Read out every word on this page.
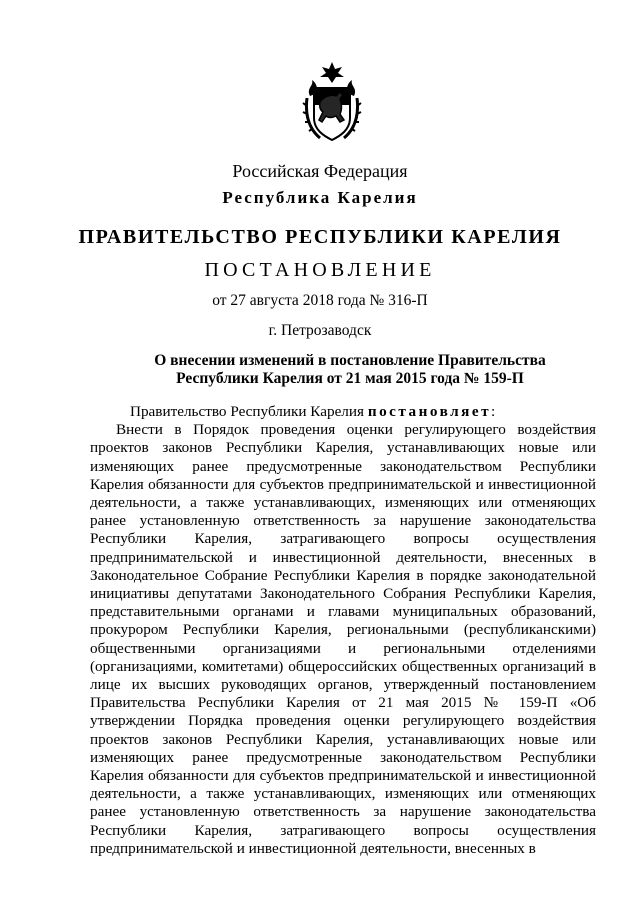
Российская Федерация
Республика Карелия
ПРАВИТЕЛЬСТВО РЕСПУБЛИКИ КАРЕЛИЯ
ПОСТАНОВЛЕНИЕ
от 27 августа 2018 года № 316-П
г. Петрозаводск
О внесении изменений в постановление Правительства
Республики Карелия от 21 мая 2015 года № 159-П

Правительство Республики Карелия постановляет:

Внести в Порядок проведения оценки регулирующего воздействия проектов законов Республики Карелия, устанавливающих новые или изменяющих ранее предусмотренные законодательством Республики Карелия обязанности для субъектов предпринимательской и инвестиционной деятельности, а также устанавливающих, изменяющих или отменяющих ранее установленную ответственность за нарушение законодательства Республики Карелия, затрагивающего вопросы осуществления предпринимательской и инвестиционной деятельности, внесенных в Законодательное Собрание Республики Карелия в порядке законодательной инициативы депутатами Законодательного Собрания Республики Карелия, представительными органами и главами муниципальных образований, прокурором Республики Карелия, региональными (республиканскими) общественными организациями и региональными отделениями (организациями, комитетами) общероссийских общественных организаций в лице их высших руководящих органов, утвержденный постановлением Правительства Республики Карелия от 21 мая 2015 № 159-П «Об утверждении Порядка проведения оценки регулирующего воздействия проектов законов Республики Карелия, устанавливающих новые или изменяющих ранее предусмотренные законодательством Республики Карелия обязанности для субъектов предпринимательской и инвестиционной деятельности, а также устанавливающих, изменяющих или отменяющих ранее установленную ответственность за нарушение законодательства Республики Карелия, затрагивающего вопросы осуществления предпринимательской и инвестиционной деятельности, внесенных в
